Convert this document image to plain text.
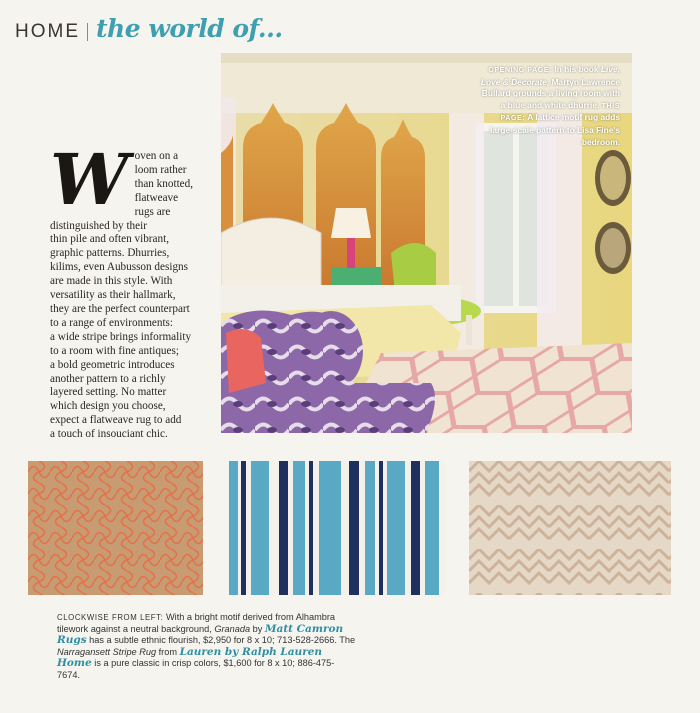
HOME the world of...
W oven on a
loom rather
than knotted,
flatweave
rugs are distinguished by their
thin pile and often vibrant,
graphic patterns. Dhurries,
kilims, even Aubusson designs
are made in this style. With
versatility as their hallmark,
they are the perfect counterpart
to a range of environments:
a wide stripe brings informality
to a room with fine antiques;
a bold geometric introduces
another pattern to a richly
layered setting. No matter
which design you choose,
expect a flatweave rug to add
a touch of insouciant chic.
OPENING PAGE: In his book Live, Love & Decorate, Martyn Lawrence Bullard grounds a living room with a blue and white dhurrie. THIS PAGE: A lattice motif rug adds large-scale pattern to Lisa Fine's bedroom.
CLOCKWISE FROM LEFT: With a bright motif derived from Alhambra tilework against a neutral background, Granada by Matt Camron Rugs has a subtle ethnic flourish, $2,950 for 8 x 10; 713-528-2666. The Narragansett Stripe Rug from Lauren by Ralph Lauren Home is a pure classic in crisp colors, $1,600 for 8 x 10; 886-475-7674.
